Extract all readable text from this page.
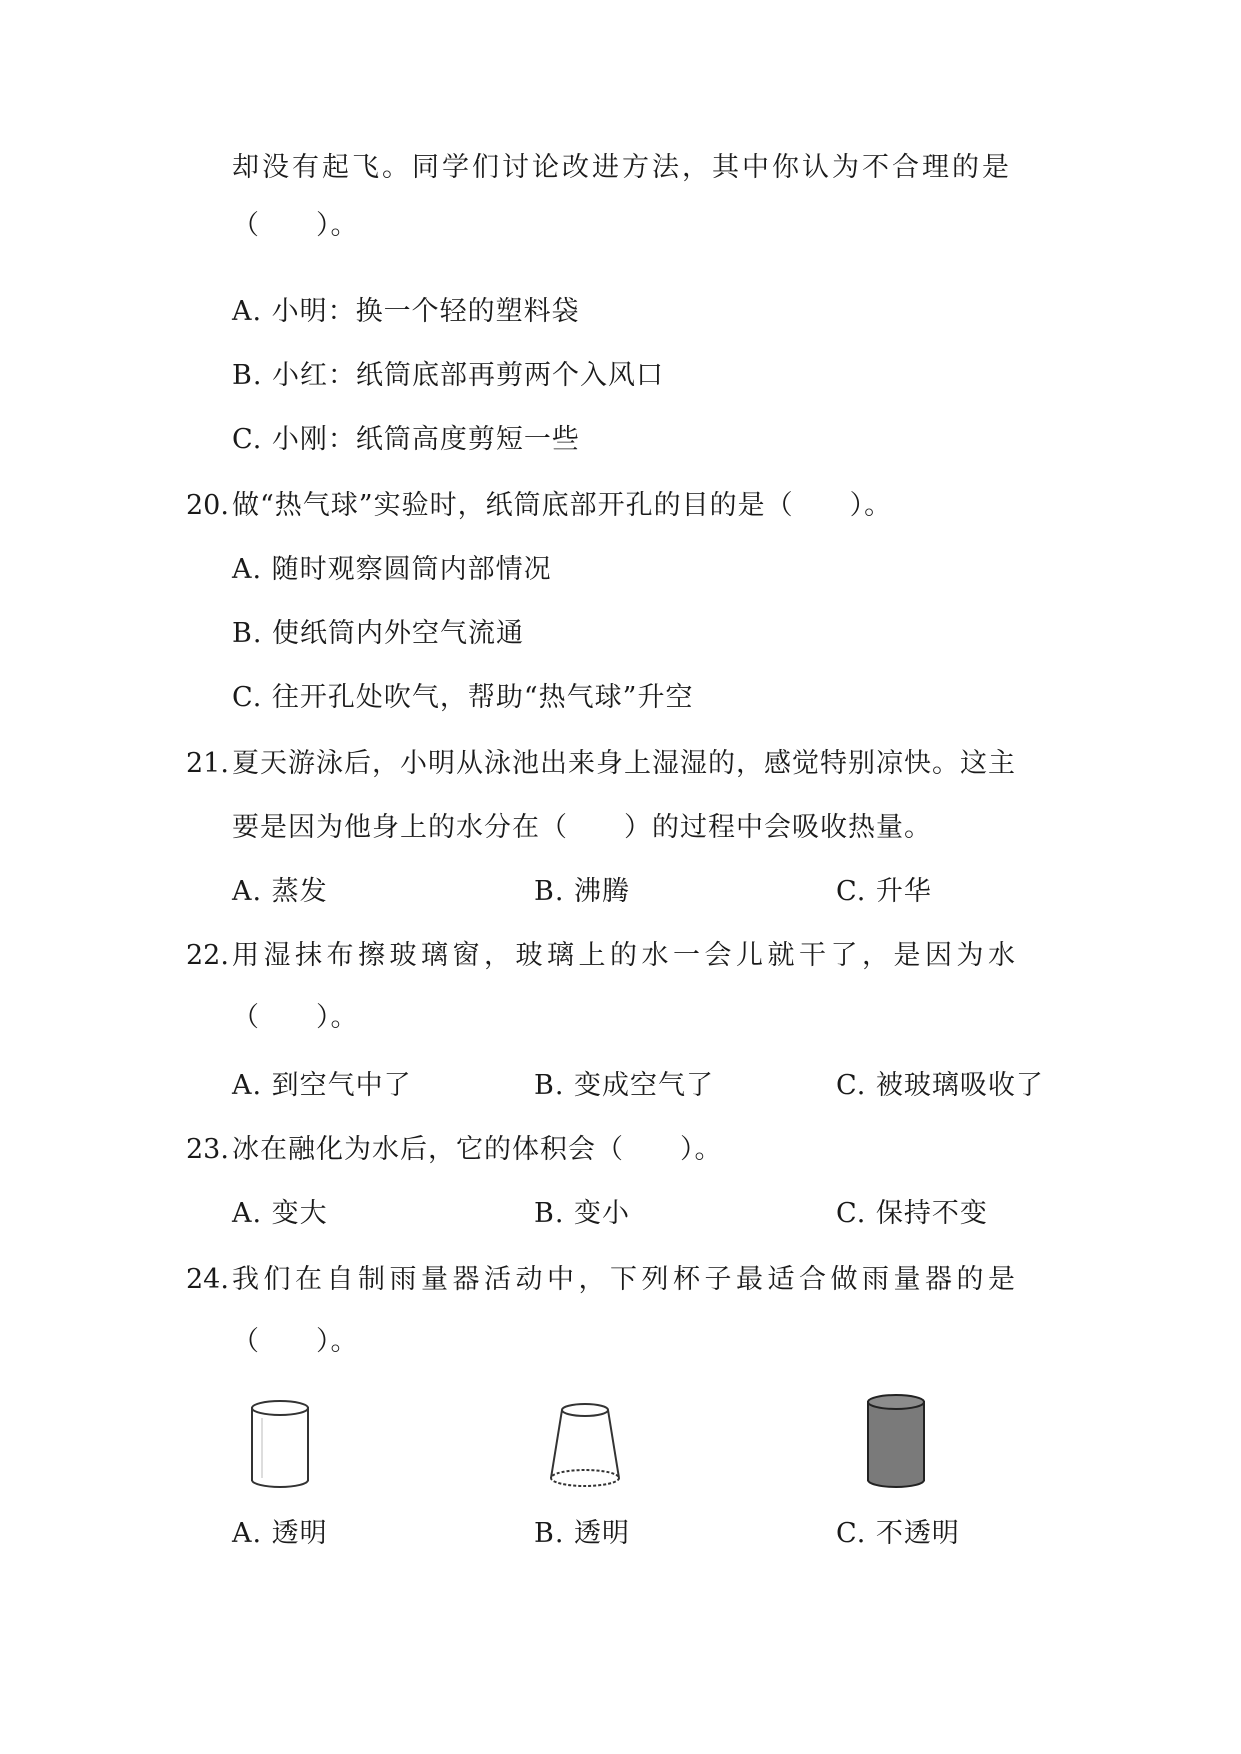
却没有起飞。同学们讨论改进方法，其中你认为不合理的是
（　　）。
A. 小明：换一个轻的塑料袋
B. 小红：纸筒底部再剪两个入风口
C. 小刚：纸筒高度剪短一些
20. 做“热气球”实验时，纸筒底部开孔的目的是（　　）。
A. 随时观察圆筒内部情况
B. 使纸筒内外空气流通
C. 往开孔处吹气，帮助“热气球”升空
21. 夏天游泳后，小明从泳池出来身上湿湿的，感觉特别凉快。这主
要是因为他身上的水分在（　　）的过程中会吸收热量。
A. 蒸发	B. 沸腾	C. 升华
22. 用湿抹布擦玻璃窗，玻璃上的水一会儿就干了，是因为水
（　　）。
A. 到空气中了	B. 变成空气了	C. 被玻璃吸收了
23. 冰在融化为水后，它的体积会（　　）。
A. 变大	B. 变小	C. 保持不变
24. 我们在自制雨量器活动中，下列杯子最适合做雨量器的是
（　　）。
A. 透明	B. 透明	C. 不透明
